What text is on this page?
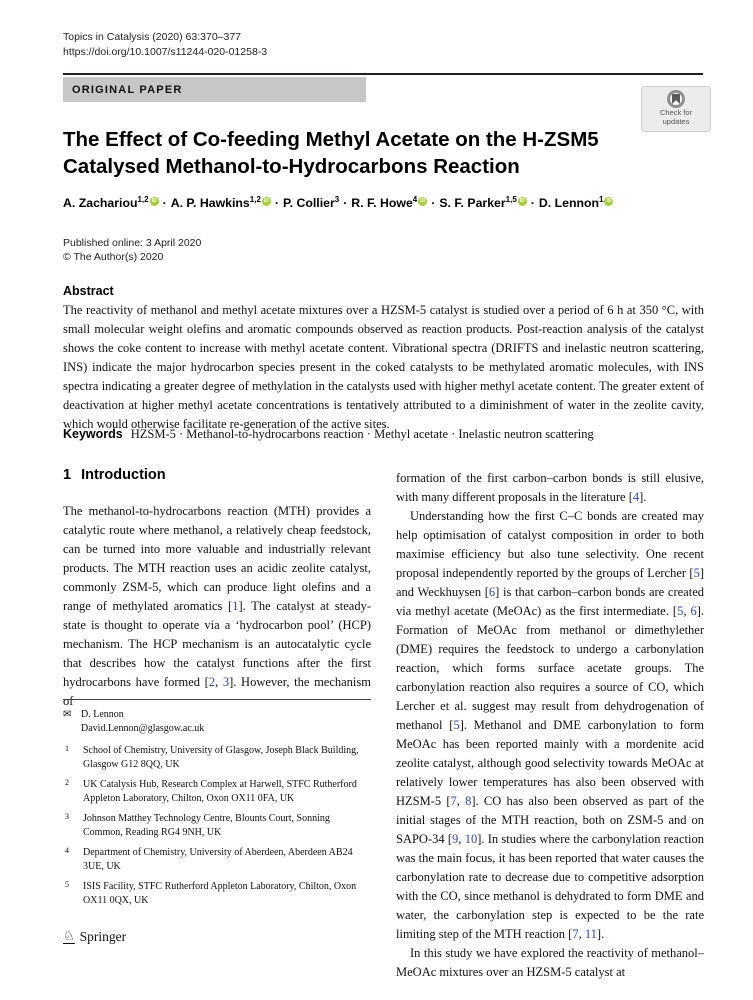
Topics in Catalysis (2020) 63:370–377
https://doi.org/10.1007/s11244-020-01258-3
ORIGINAL PAPER
Check for updates
The Effect of Co-feeding Methyl Acetate on the H-ZSM5 Catalysed Methanol-to-Hydrocarbons Reaction
A. Zachariou$^{1,2}$ iD · A. P. Hawkins$^{1,2}$ iD · P. Collier$^3$ · R. F. Howe$^4$ iD · S. F. Parker$^{1,5}$ iD · D. Lennon$^1$ iD
Published online: 3 April 2020
© The Author(s) 2020
Abstract
The reactivity of methanol and methyl acetate mixtures over a HZSM-5 catalyst is studied over a period of 6 h at 350 °C, with small molecular weight olefins and aromatic compounds observed as reaction products. Post-reaction analysis of the catalyst shows the coke content to increase with methyl acetate content. Vibrational spectra (DRIFTS and inelastic neutron scattering, INS) indicate the major hydrocarbon species present in the coked catalysts to be methylated aromatic molecules, with INS spectra indicating a greater degree of methylation in the catalysts used with higher methyl acetate content. The greater extent of deactivation at higher methyl acetate concentrations is tentatively attributed to a diminishment of water in the zeolite cavity, which would otherwise facilitate re-generation of the active sites.
Keywords HZSM-5 · Methanol-to-hydrocarbons reaction · Methyl acetate · Inelastic neutron scattering
1 Introduction

The methanol-to-hydrocarbons reaction (MTH) provides a catalytic route where methanol, a relatively cheap feedstock, can be turned into more valuable and industrially relevant products. The MTH reaction uses an acidic zeolite catalyst, commonly ZSM-5, which can produce light olefins and a range of methylated aromatics [1]. The catalyst at steady-state is thought to operate via a ‘hydrocarbon pool’ (HCP) mechanism. The HCP mechanism is an autocatalytic cycle that describes how the catalyst functions after the first hydrocarbons have formed [2, 3]. However, the mechanism of

✉ D. Lennon
David.Lennon@glasgow.ac.uk
1	School of Chemistry, University of Glasgow, Joseph Black Building, Glasgow G12 8QQ, UK
2	UK Catalysis Hub, Research Complex at Harwell, STFC Rutherford Appleton Laboratory, Chilton, Oxon OX11 0FA, UK
3	Johnson Matthey Technology Centre, Blounts Court, Sonning Common, Reading RG4 9NH, UK
4	Department of Chemistry, University of Aberdeen, Aberdeen AB24 3UE, UK
5	ISIS Facility, STFC Rutherford Appleton Laboratory, Chilton, Oxon OX11 0QX, UK

formation of the first carbon–carbon bonds is still elusive, with many different proposals in the literature [4].

Understanding how the first C–C bonds are created may help optimisation of catalyst composition in order to both maximise efficiency but also tune selectivity. One recent proposal independently reported by the groups of Lercher [5] and Weckhuysen [6] is that carbon–carbon bonds are created via methyl acetate (MeOAc) as the first intermediate. [5, 6]. Formation of MeOAc from methanol or dimethylether (DME) requires the feedstock to undergo a carbonylation reaction, which forms surface acetate groups. The carbonylation reaction also requires a source of CO, which Lercher et al. suggest may result from dehydrogenation of methanol [5]. Methanol and DME carbonylation to form MeOAc has been reported mainly with a mordenite acid zeolite catalyst, although good selectivity towards MeOAc at relatively lower temperatures has also been observed with HZSM-5 [7, 8]. CO has also been observed as part of the initial stages of the MTH reaction, both on ZSM-5 and on SAPO-34 [9, 10]. In studies where the carbonylation reaction was the main focus, it has been reported that water causes the carbonylation rate to decrease due to competitive adsorption with the CO, since methanol is dehydrated to form DME and water, the carbonylation step is expected to be the rate limiting step of the MTH reaction [7, 11].

In this study we have explored the reactivity of methanol–MeOAc mixtures over an HZSM-5 catalyst at

♘ Springer
